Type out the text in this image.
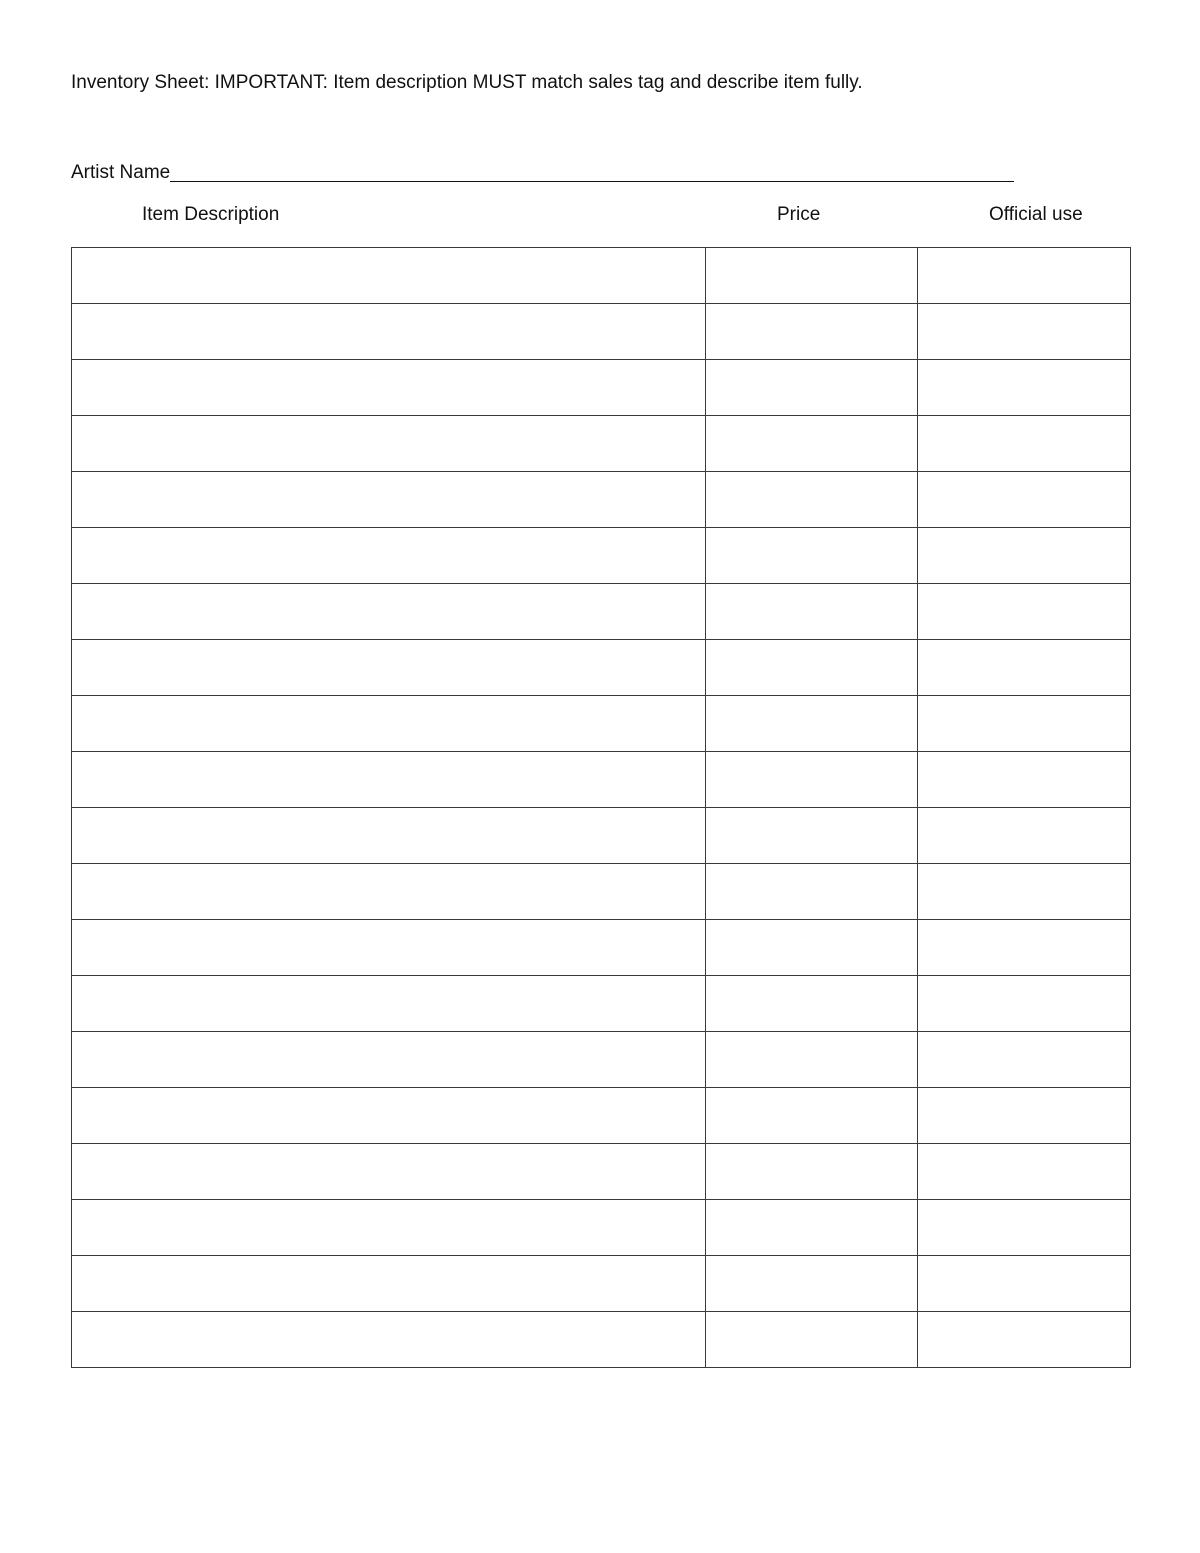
Inventory Sheet: IMPORTANT: Item description MUST match sales tag and describe item fully.
Artist Name
Item Description	Price	Official use
